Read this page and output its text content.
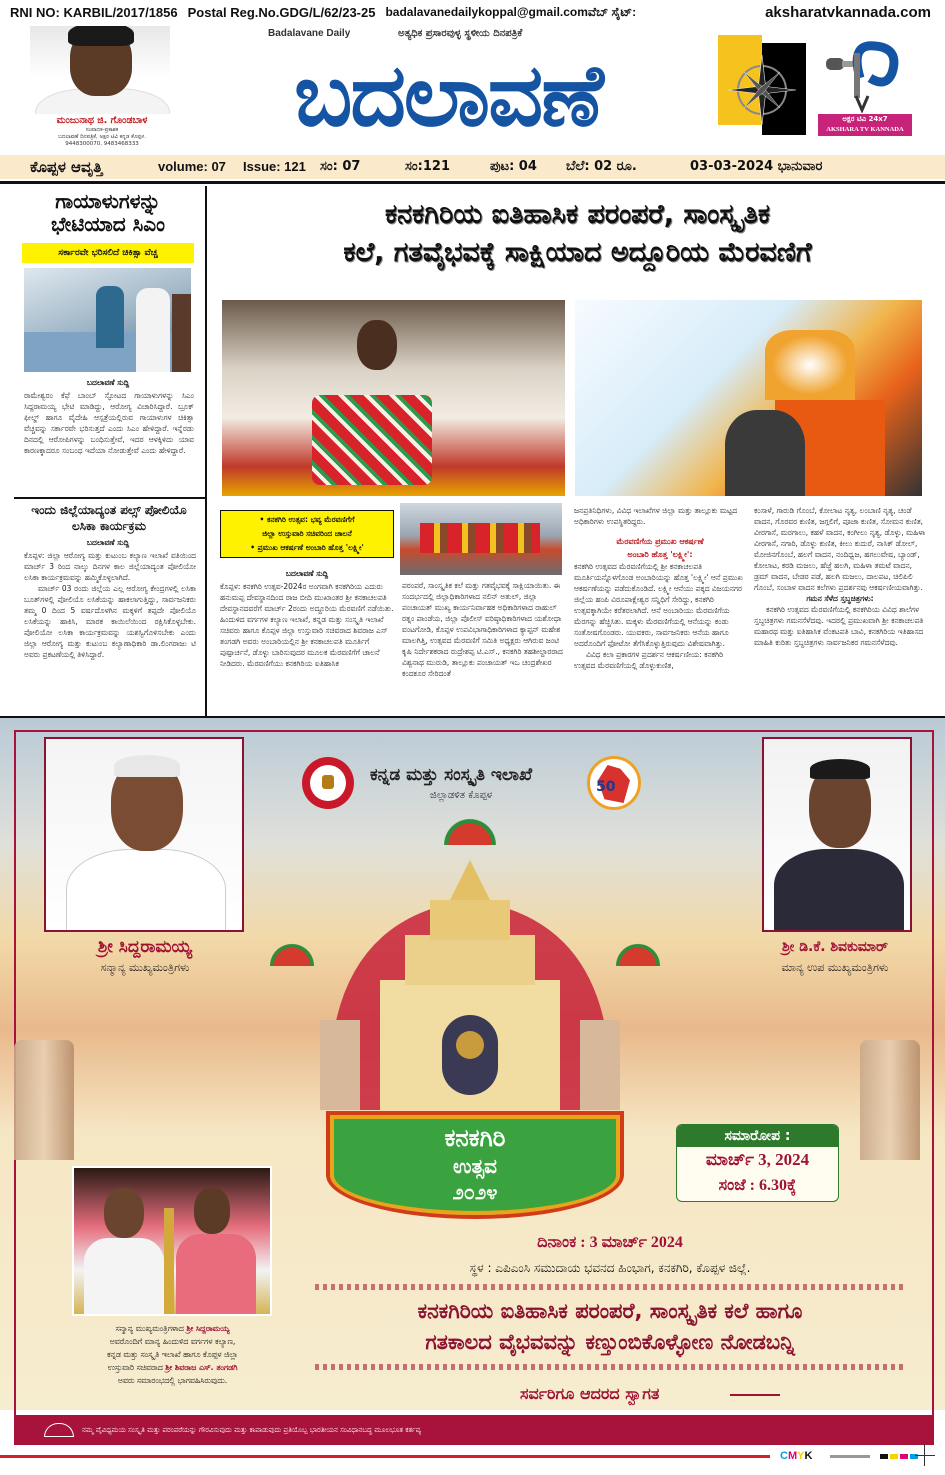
RNI NO: KARBIL/2017/1856 Postal Reg.No.GDG/L/62/23-25 badalavanedailykoppal@gmail.comವೆಬ್ ಸೈಟ್:	aksharatvkannada.com
ಮಂಜುನಾಥ ಜಿ. ಗೊಂಡಬಾಳ
ಸಂಪಾದಕ-ಪ್ರಕಾಶಕ
ಬದಲಾವಣೆ ದಿನಪತ್ರಿಕೆ, ಅಕ್ಷರ ಟಿವಿ ಕನ್ನಡ ಕೊಪ್ಪಳ.
9448300070, 9483468333
Badalavane Daily	ಅತ್ಯಧಿಕ ಪ್ರಸಾರವುಳ್ಳ ಸ್ಥಳೀಯ ದಿನಪತ್ರಿಕೆ
ಬದಲಾವಣೆ	ಅಕ್ಷರ ಟಿವಿ 24x7
AKSHARA TV KANNADA
ಕೊಪ್ಪಳ ಆವೃತ್ತಿ	volume: 07 Issue: 121 ಸಂ: 07	ಸಂ:121	ಪುಟ: 04 ಬೆಲೆ: 02 ರೂ.	03-03-2024 ಭಾನುವಾರ
ಗಾಯಾಳುಗಳನ್ನು
ಭೇಟಿಯಾದ ಸಿಎಂ
ಸರ್ಕಾರವೇ ಭರಿಸಲಿದೆ ಚಿಕಿತ್ಸಾ ವೆಚ್ಚ
ಬದಲಾವಣೆ ಸುದ್ದಿ
ರಾಮೇಶ್ವರಂ ಕೆಫೆ ಬಾಂಬ್ ಸ್ಫೋಟದ ಗಾಯಾಳುಗಳನ್ನು ಸಿಎಂ ಸಿದ್ದರಾಮಯ್ಯ ಭೇಟಿ ಮಾಡಿದ್ದು, ಆರೋಗ್ಯ ವಿಚಾರಿಸಿದ್ದಾರೆ. ಬ್ರೂಕ್ ಫೀಲ್ಡ್ ಹಾಗೂ ವೈದೇಹಿ ಆಸ್ಪತ್ರೆಯಲ್ಲಿರುವ ಗಾಯಾಳುಗಳ ಚಿಕಿತ್ಸಾ ವೆಚ್ಚವನ್ನು ಸರ್ಕಾರವೇ ಭರಿಸುತ್ತದೆ ಎಂದು ಸಿಎಂ ಹೇಳಿದ್ದಾರೆ. ಇನ್ನೆರಡು ದಿನದಲ್ಲಿ ಆರೋಪಿಗಳನ್ನು ಬಂಧಿಸುತ್ತೇವೆ, ಇದರ ಆಳಕ್ಕಿಳಿದು ಯಾವ ಕಾರಣಕ್ಕಾದರೂ ಸಂಬಂಧ ಇದೆಯಾ ನೋಡುತ್ತೇವೆ ಎಂದು ಹೇಳಿದ್ದಾರೆ.
ಇಂದು ಜಿಲ್ಲೆಯಾದ್ಯಂತ ಪಲ್ಸ್ ಪೋಲಿಯೊ ಲಸಿಕಾ ಕಾರ್ಯಕ್ರಮ
ಬದಲಾವಣೆ ಸುದ್ದಿ
ಕೊಪ್ಪಳ: ಜಿಲ್ಲಾ ಆರೋಗ್ಯ ಮತ್ತು ಕುಟುಂಬ ಕಲ್ಯಾಣ ಇಲಾಖೆ ವತಿಯಿಂದ ಮಾರ್ಚ್ 3 ರಿಂದ ನಾಲ್ಕು ದಿನಗಳ ಕಾಲ ಜಿಲ್ಲೆಯಾದ್ಯಂತ ಪೋಲಿಯೋ ಲಸಿಕಾ ಕಾರ್ಯಕ್ರಮವನ್ನು ಹಮ್ಮಿಕೊಳ್ಳಲಾಗಿದೆ.
ಮಾರ್ಚ್ 03 ರಂದು ಜಿಲ್ಲೆಯ ಎಲ್ಲ ಆರೋಗ್ಯ ಕೇಂದ್ರಗಳಲ್ಲಿ ಲಸಿಕಾ ಬೂತ್‌ಗಳಲ್ಲಿ ಪೋಲಿಯೊ ಲಸಿಕೆಯನ್ನು ಹಾಕಲಾಗುತ್ತಿದ್ದು, ಸಾರ್ವಜನಿಕರು ತಮ್ಮ 0 ದಿಂದ 5 ವರ್ಷದೊಳಗಿನ ಮಕ್ಕಳಿಗೆ ತಪ್ಪದೇ ಪೋಲಿಯೊ ಲಸಿಕೆಯನ್ನು ಹಾಕಿಸಿ, ಮಾರಕ ಕಾಯಿಲೆಯಿಂದ ರಕ್ಷಿಸಿಕೊಳ್ಳಬೇಕು. ಪೋಲಿಯೋ ಲಸಿಕಾ ಕಾರ್ಯಕ್ರಮವನ್ನು ಯಶಸ್ವಿಗೊಳಿಸಬೇಕು ಎಂದು ಜಿಲ್ಲಾ ಆರೋಗ್ಯ ಮತ್ತು ಕುಟುಂಬ ಕಲ್ಯಾಣಾಧಿಕಾರಿ ಡಾ.ಲಿಂಗರಾಜು ಟಿ ಅವರು ಪ್ರಕಟಣೆಯಲ್ಲಿ ತಿಳಿಸಿದ್ದಾರೆ.
ಕನಕಗಿರಿಯ ಐತಿಹಾಸಿಕ ಪರಂಪರೆ, ಸಾಂಸ್ಕೃತಿಕ
ಕಲೆ, ಗತವೈಭವಕ್ಕೆ ಸಾಕ್ಷಿಯಾದ ಅದ್ದೂರಿಯ ಮೆರವಣಿಗೆ
• ಕನಕಗಿರಿ ಉತ್ಸವ: ಭವ್ಯ ಮೆರವಣಿಗೆಗೆ
ಜಿಲ್ಲಾ ಉಸ್ತುವಾರಿ ಸಚಿವರಿಂದ ಚಾಲನೆ
• ಪ್ರಮುಖ ಆಕರ್ಷಣೆ ಅಂಬಾರಿ ಹೊತ್ತ 'ಲಕ್ಷ್ಮೀ'
ಬದಲಾವಣೆ ಸುದ್ದಿ
ಕೊಪ್ಪಳ: ಕನಕಗಿರಿ ಉತ್ಸವ-2024ರ ಅಂಗವಾಗಿ ಕನಕಗಿರಿಯ ಎದುರು ಹನುಮಪ್ಪ ದೇವಸ್ಥಾನದಿಂದ ರಾಜ ಬೀದಿ ಮುಖಾಂತರ ಶ್ರೀ ಕನಕಾಚಲಪತಿ ದೇವಸ್ಥಾನದವರೆಗೆ ಮಾರ್ಚ್ 2ರಂದು ಅದ್ದೂರಿಯ ಮೆರವಣಿಗೆ ನಡೆಯಿತು. ಹಿಂದುಳಿದ ವರ್ಗಗಳ ಕಲ್ಯಾಣ ಇಲಾಖೆ, ಕನ್ನಡ ಮತ್ತು ಸಂಸ್ಕೃತಿ ಇಲಾಖೆ ಸಚಿವರು ಹಾಗೂ ಕೊಪ್ಪಳ ಜಿಲ್ಲಾ ಉಸ್ತುವಾರಿ ಸಚಿವರಾದ ಶಿವರಾಜ ಎಸ್ ತಂಗಡಗಿ ಅವರು ಅಂಬಾರಿಯಲ್ಲಿನ ಶ್ರೀ ಕನಕಾಚಲಪತಿ ಮೂರ್ತಿಗೆ ಪುಷ್ಪಾರ್ಚನೆ, ಡೊಳ್ಳು ಬಾರಿಸುವುದರ ಮೂಲಕ ಮೆರವಣಿಗೆಗೆ ಚಾಲನೆ ನೀಡಿದರು. ಮೆರವಣಿಗೆಯು ಕನಕಗಿರಿಯ ಐತಿಹಾಸಿಕ
ಪರಂಪರೆ, ಸಾಂಸ್ಕೃತಿಕ ಕಲೆ ಮತ್ತು ಗತವೈಭವಕ್ಕೆ ಸಾಕ್ಷಿಯಾಯಿತು. ಈ ಸಂದರ್ಭದಲ್ಲಿ ಜಿಲ್ಲಾಧಿಕಾರಿಗಳಾದ ನಲಿನ್ ಅತುಲ್, ಜಿಲ್ಲಾ ಪಂಚಾಯತ್ ಮುಖ್ಯ ಕಾರ್ಯನಿರ್ವಾಹಕ ಅಧಿಕಾರಿಗಳಾದ ರಾಹುಲ್ ರತ್ನಂ ಪಾಂಡೆಯ, ಜಿಲ್ಲಾ ಪೊಲೀಸ್ ವರಿಷ್ಠಾಧಿಕಾರಿಗಳಾದ ಯಶೋಧಾ ವಂಟಗೋಡಿ, ಕೊಪ್ಪಳ ಉಪವಿಭಾಗಾಧಿಕಾರಿಗಳಾದ ಕ್ಯಾಪ್ಟನ್ ಮಹೇಶ ಮಾಲಗಿತ್ತಿ, ಉತ್ಸವದ ಮೆರವಣಿಗೆ ಸಮಿತಿ ಅಧ್ಯಕ್ಷರು ಆಗಿರುವ ಜಂಟಿ ಕೃಷಿ ನಿರ್ದೇಶಕರಾದ ರುದ್ರೇಶಪ್ಪ ಟಿ.ಎಸ್., ಕನಕಗಿರಿ ತಹಶೀಲ್ದಾರರಾದ ವಿಶ್ವನಾಥ ಮುರುಡಿ, ತಾಲ್ಲೂಕು ಪಂಚಾಯತ್ ಇಒ ಚಂದ್ರಶೇಖರ ಕಂದಕೂರ ಸೇರಿದಂತೆ
ಜನಪ್ರತಿನಿಧಿಗಳು, ವಿವಿಧ ಇಲಾಖೆಗಳ ಜಿಲ್ಲಾ ಮತ್ತು ತಾಲ್ಲೂಕು ಮಟ್ಟದ ಅಧಿಕಾರಿಗಳು ಉಪಸ್ಥಿತರಿದ್ದರು.
ಮೆರವಣಿಗೆಯ ಪ್ರಮುಖ ಆಕರ್ಷಣೆ
ಅಂಬಾರಿ ಹೊತ್ತ 'ಲಕ್ಷ್ಮೀ':
ಕನಕಗಿರಿ ಉತ್ಸವದ ಮೆರವಣಿಗೆಯಲ್ಲಿ ಶ್ರೀ ಕನಕಾಚಲಪತಿ ಮೂರ್ತಿಯನ್ನೊಳಗೊಂಡ ಅಂಬಾರಿಯನ್ನು ಹೊತ್ತ 'ಲಕ್ಷ್ಮೀ' ಆನೆ ಪ್ರಮುಖ ಆಕರ್ಷಣೆಯನ್ನು ಪಡೆದುಕೊಂಡಿದೆ. ಲಕ್ಷ್ಮೀ ಆನೆಯು ಪಕ್ಕದ ವಿಜಯನಗರ ಜಿಲ್ಲೆಯ ಹಂಪಿ ವಿರೂಪಾಕ್ಷೇಶ್ವರ ಸನ್ನಿಧಿಗೆ ಸೇರಿದ್ದು, ಕನಕಗಿರಿ ಉತ್ಸವಕ್ಕಾಗಿಯೇ ಕರೆತರಲಾಗಿದೆ. ಆನೆ ಅಂಬಾರಿಯು ಮೆರವಣಿಗೆಯ ಮೆರಗನ್ನು ಹೆಚ್ಚಿಸಿತು. ಮಕ್ಕಳು ಮೆರವಣಿಗೆಯಲ್ಲಿ ಆನೆಯನ್ನು ಕಂಡು ಸಂತೋಷಗೊಂಡರು. ಯುವಕರು, ಸಾರ್ವಜನಿಕರು ಆನೆಯ ಹಾಗೂ ಅದರೊಂದಿಗೆ ಫೋಟೋ ತೆಗೆಸಿಕೊಳ್ಳುತ್ತಿರುವುದು ವಿಶೇಷವಾಗಿತ್ತು.
ವಿವಿಧ ಕಲಾ ಪ್ರಕಾರಗಳ ಪ್ರದರ್ಶನ ಆಕರ್ಷಣೀಯ: ಕನಕಗಿರಿ ಉತ್ಸವದ ಮೆರವಣಿಗೆಯಲ್ಲಿ ಡೊಳ್ಳುಕುಣಿತ,
ಕಂಸಾಳೆ, ಗಾರುಡಿ ಗೊಂಬೆ, ಕೋಲಾಟ ನೃತ್ಯ, ಲಂಬಾಣಿ ನೃತ್ಯ, ಚಂಡೆ ವಾದನ, ಗೊರವರ ಕುಣಿತ, ಜಗ್ಗಲಿಗೆ, ಪೂಜಾ ಕುಣಿತ, ಸೋಮನ ಕುಣಿತ, ವೀರಗಾಸೆ, ಮರಗಾಲು, ಕಹಳೆ ವಾದನ, ಕಂಗೀಲು ನೃತ್ಯ, ಡೊಳ್ಳು, ಮಹಿಳಾ ವೀರಗಾಸೆ, ನಗಾರಿ, ಡೊಳ್ಳು ಕುಣಿತ, ಕೀಲು ಕುದುರೆ, ನಾಸಿಕ್ ಡೋಲ್, ಮೋಜಿನಗೊಂಬೆ, ಹಲಗೆ ವಾದನ, ನಂದಿಧ್ವಜ, ಹಗಲುವೇಷ, ಬ್ಯಾಂಡ್, ಕೋಲಾಟ, ಕರಡಿ ಮಜಲು, ಹೆಜ್ಜೆ ಹಲಗಿ, ಮಹಿಳಾ ತಮಟೆ ವಾದನ, ಡ್ರಮ್ ವಾದನ, ಬೇಡರ ಪಡೆ, ಹಲಗಿ ಮಜಲು, ದಾಲಪಟ, ಚಿಲಿಪಿಲಿ ಗೊಂಬೆ, ಸಂಬಾಳ ವಾದನ ಕಲೆಗಳು ಪ್ರದರ್ಶನವು ಆಕರ್ಷಣೀಯವಾಗಿತ್ತು.
ಗಮನ ಸೆಳೆದ ಸ್ತಬ್ಧಚಿತ್ರಗಳು:
ಕನಕಗಿರಿ ಉತ್ಸವದ ಮೆರವಣಿಗೆಯಲ್ಲಿ ಕನಕಗಿರಿಯ ವಿವಿಧ ಶಾಲೆಗಳ ಸ್ತಬ್ಧಚಿತ್ರಗಳು ಗಮನಸೆಳೆದವು. ಇದರಲ್ಲಿ ಪ್ರಮುಖವಾಗಿ ಶ್ರೀ ಕನಕಾಚಲಪತಿ ಮಹಾರಥ ಮತ್ತು ಐತಿಹಾಸಿಕ ವೆಂಕಟಪತಿ ಬಾವಿ, ಕನಕಗಿರಿಯ ಇತಿಹಾಸದ ಮಾಹಿತಿ ಕುರಿತು ಸ್ತಬ್ಧಚಿತ್ರಗಳು ಸಾರ್ವಜನಿಕರ ಗಮನಸೆಳೆದವು.
50
ಕನ್ನಡ ಮತ್ತು ಸಂಸ್ಕೃತಿ ಇಲಾಖೆ
ಜಿಲ್ಲಾಡಳಿತ ಕೊಪ್ಪಳ
ಶ್ರೀ ಸಿದ್ದರಾಮಯ್ಯ
ಸನ್ಮಾನ್ಯ ಮುಖ್ಯಮಂತ್ರಿಗಳು
ಶ್ರೀ ಡಿ.ಕೆ. ಶಿವಕುಮಾರ್
ಮಾನ್ಯ ಉಪ ಮುಖ್ಯಮಂತ್ರಿಗಳು
ಕನಕಗಿರಿ
ಉತ್ಸವ
೨೦೨೪
ಸಮಾರೋಪ :
ಮಾರ್ಚ್ 3, 2024
ಸಂಜೆ : 6.30ಕ್ಕೆ
ಸನ್ಮಾನ್ಯ ಮುಖ್ಯಮಂತ್ರಿಗಳಾದ ಶ್ರೀ ಸಿದ್ದರಾಮಯ್ಯ
ಅವರೊಂದಿಗೆ ಮಾನ್ಯ ಹಿಂದುಳಿದ ವರ್ಗಗಳ ಕಲ್ಯಾಣ,
ಕನ್ನಡ ಮತ್ತು ಸಂಸ್ಕೃತಿ ಇಲಾಖೆ ಹಾಗೂ ಕೊಪ್ಪಳ ಜಿಲ್ಲಾ
ಉಸ್ತುವಾರಿ ಸಚಿವರಾದ ಶ್ರೀ ಶಿವರಾಜ ಎಸ್. ತಂಗಡಗಿ
ಅವರು ಸಮಾರಂಭದಲ್ಲಿ ಭಾಗವಹಿಸಿರುವುದು.
ದಿನಾಂಕ : 3 ಮಾರ್ಚ್ 2024
ಸ್ಥಳ : ಎಪಿಎಂಸಿ ಸಮುದಾಯ ಭವನದ ಹಿಂಭಾಗ, ಕನಕಗಿರಿ, ಕೊಪ್ಪಳ ಜಿಲ್ಲೆ.
ಕನಕಗಿರಿಯ ಐತಿಹಾಸಿಕ ಪರಂಪರೆ, ಸಾಂಸ್ಕೃತಿಕ ಕಲೆ ಹಾಗೂ
ಗತಕಾಲದ ವೈಭವವನ್ನು ಕಣ್ತುಂಬಿಕೊಳ್ಳೋಣ ನೋಡಬನ್ನಿ
ಸರ್ವರಿಗೂ ಆದರದ ಸ್ವಾಗತ
ನಮ್ಮ ವೈವಿಧ್ಯಮಯ ಸಂಸ್ಕೃತಿ ಮತ್ತು ಪರಂಪರೆಯನ್ನು ಗೌರವಿಸುವುದು ಮತ್ತು ಕಾಪಾಡುವುದು ಪ್ರತಿಯೊಬ್ಬ ಭಾರತೀಯನ ಸಂವಿಧಾನಬದ್ಧ ಮೂಲಭೂತ ಕರ್ತವ್ಯ
CMYK
